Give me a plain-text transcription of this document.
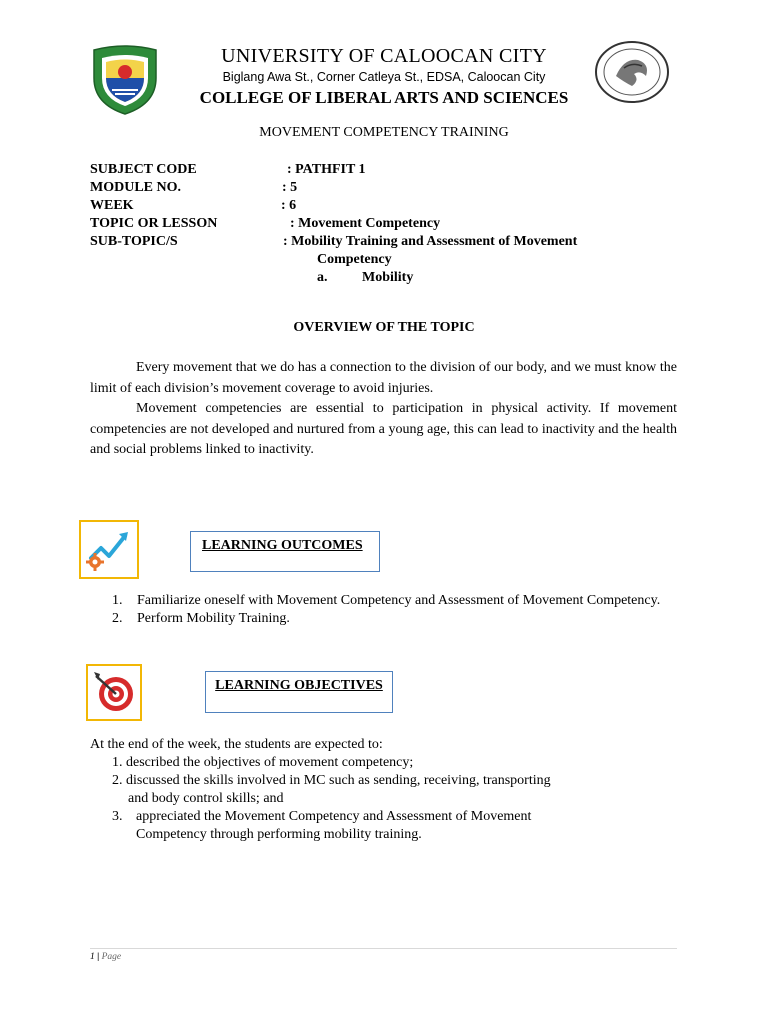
UNIVERSITY OF CALOOCAN CITY
Biglang Awa St., Corner Catleya St., EDSA, Caloocan City
COLLEGE OF LIBERAL ARTS AND SCIENCES
MOVEMENT COMPETENCY TRAINING
SUBJECT CODE	: PATHFIT 1
MODULE NO.	: 5
WEEK	: 6
TOPIC OR LESSON	: Movement Competency
SUB-TOPIC/S	: Mobility Training and Assessment of Movement
Competency
a. Mobility
OVERVIEW OF THE TOPIC
Every movement that we do has a connection to the division of our body, and we must know the limit of each division’s movement coverage to avoid injuries.
Movement competencies are essential to participation in physical activity. If movement competencies are not developed and nurtured from a young age, this can lead to inactivity and the health and social problems linked to inactivity.
LEARNING OUTCOMES
1.	Familiarize oneself with Movement Competency and Assessment of Movement Competency.
2.	Perform Mobility Training.
LEARNING OBJECTIVES
At the end of the week, the students are expected to:
1. described the objectives of movement competency;
2. discussed the skills involved in MC such as sending, receiving, transporting
and body control skills; and
3. appreciated the Movement Competency and Assessment of Movement
Competency through performing mobility training.
1 | Page
